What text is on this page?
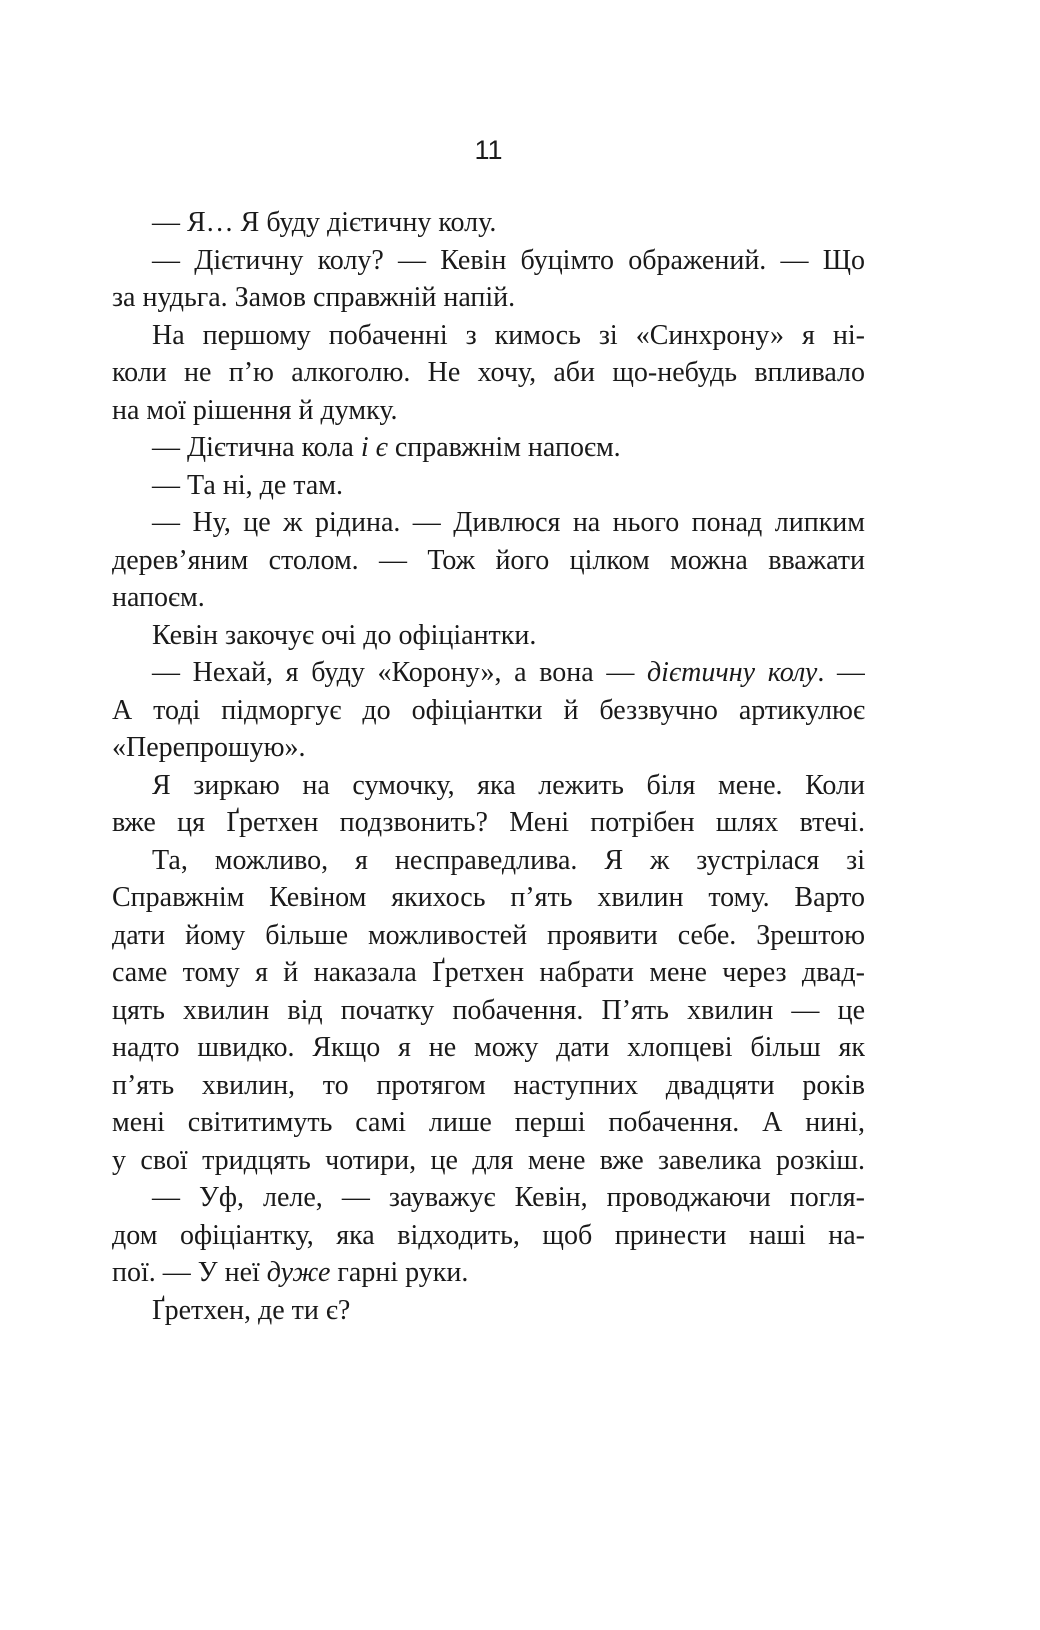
11
— Я… Я буду дієтичну колу.
— Дієтичну колу? — Кевін буцімто ображений. — Що
за нудьга. Замов справжній напій.
На першому побаченні з кимось зі «Синхрону» я ні-
коли не п’ю алкоголю. Не хочу, аби що-небудь впливало
на мої рішення й думку.
— Дієтична кола і є справжнім напоєм.
— Та ні, де там.
— Ну, це ж рідина. — Дивлюся на нього понад липким
дерев’яним столом. — Тож його цілком можна вважати
напоєм.
Кевін закочує очі до офіціантки.
— Нехай, я буду «Корону», а вона — дієтичну колу. —
А тоді підморгує до офіціантки й беззвучно артикулює
«Перепрошую».
Я зиркаю на сумочку, яка лежить біля мене. Коли
вже ця Ґретхен подзвонить? Мені потрібен шлях втечі.
Та, можливо, я несправедлива. Я ж зустрілася зі
Справжнім Кевіном якихось п’ять хвилин тому. Варто
дати йому більше можливостей проявити себе. Зрештою
саме тому я й наказала Ґретхен набрати мене через двад-
цять хвилин від початку побачення. П’ять хвилин — це
надто швидко. Якщо я не можу дати хлопцеві більш як
п’ять хвилин, то протягом наступних двадцяти років
мені світитимуть самі лише перші побачення. А нині,
у свої тридцять чотири, це для мене вже завелика розкіш.
— Уф, леле, — зауважує Кевін, проводжаючи погля-
дом офіціантку, яка відходить, щоб принести наші на-
пої. — У неї дуже гарні руки.
Ґретхен, де ти є?
